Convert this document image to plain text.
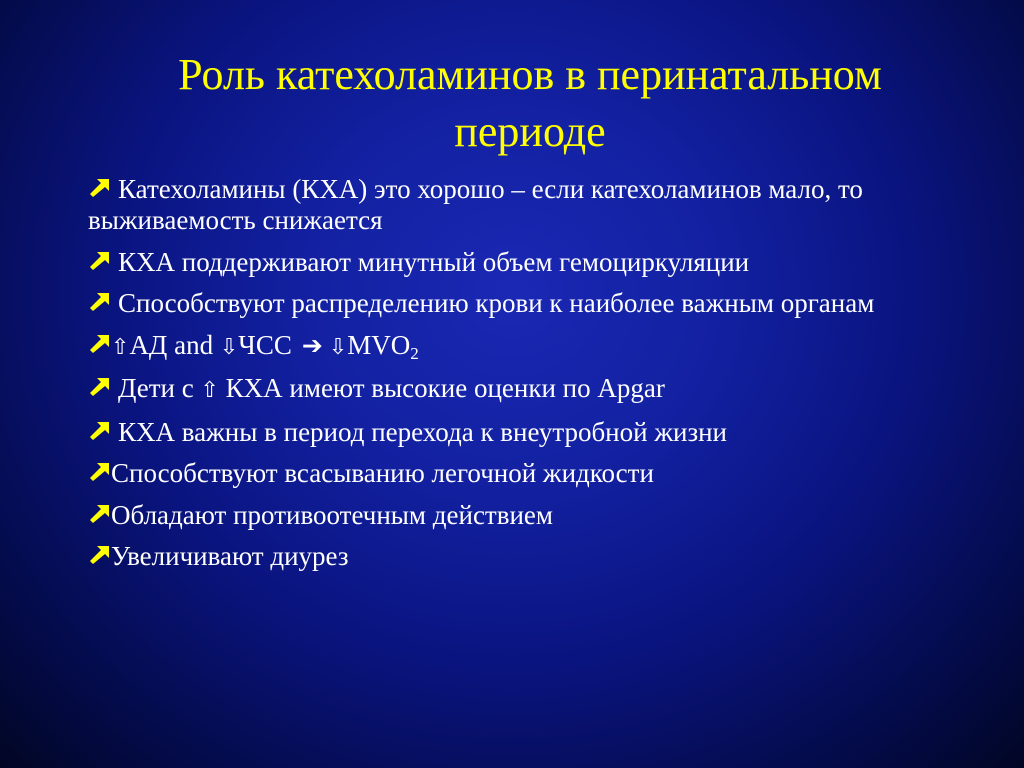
Роль катехоламинов в перинатальном
периоде
Катехоламины (КХА) это хорошо – если катехоламинов мало, то выживаемость снижается
КХА поддерживают минутный объем гемоциркуляции
Способствуют распределению крови к наиболее важным органам
⇧АД and ⇩ЧСС ➔ $⇩MVO_2$
Дети с ⇧ КХА имеют высокие оценки по Apgar
КХА важны в период перехода к внеутробной жизни
Способствуют всасыванию легочной жидкости
Обладают противоотечным действием
Увеличивают диурез
